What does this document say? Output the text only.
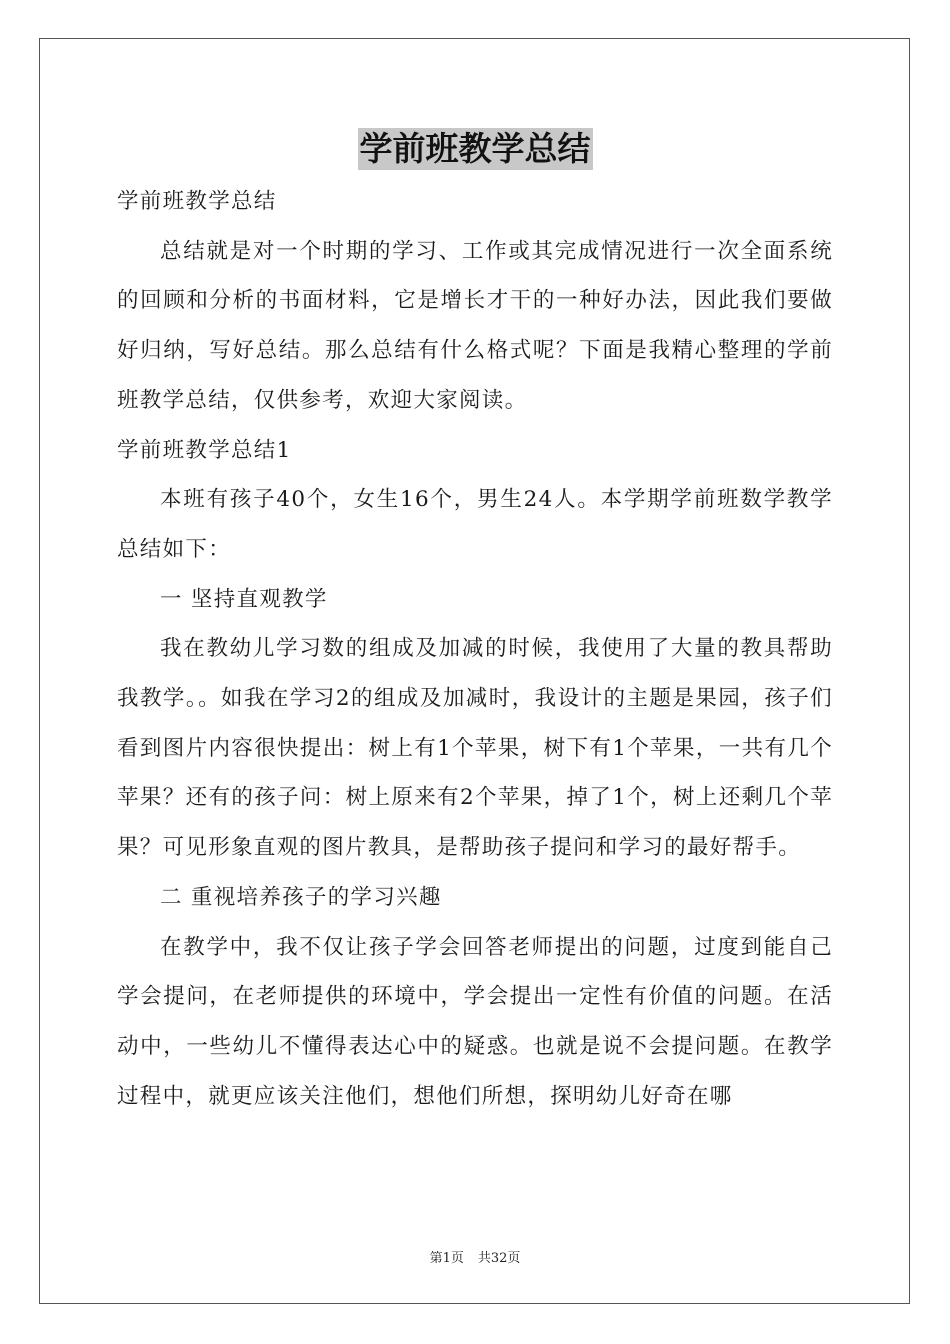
学前班教学总结
学前班教学总结
总结就是对一个时期的学习、工作或其完成情况进行一次全面系统的回顾和分析的书面材料，它是增长才干的一种好办法，因此我们要做好归纳，写好总结。那么总结有什么格式呢？下面是我精心整理的学前班教学总结，仅供参考，欢迎大家阅读。
学前班教学总结1
本班有孩子40个，女生16个，男生24人。本学期学前班数学教学总结如下：
一 坚持直观教学
我在教幼儿学习数的组成及加减的时候，我使用了大量的教具帮助我教学。。如我在学习2的组成及加减时，我设计的主题是果园，孩子们看到图片内容很快提出：树上有1个苹果，树下有1个苹果，一共有几个苹果？还有的孩子问：树上原来有2个苹果，掉了1个，树上还剩几个苹果？可见形象直观的图片教具，是帮助孩子提问和学习的最好帮手。
二 重视培养孩子的学习兴趣
在教学中，我不仅让孩子学会回答老师提出的问题，过度到能自己学会提问，在老师提供的环境中，学会提出一定性有价值的问题。在活动中，一些幼儿不懂得表达心中的疑惑。也就是说不会提问题。在教学过程中，就更应该关注他们，想他们所想，探明幼儿好奇在哪
第1页 共32页
